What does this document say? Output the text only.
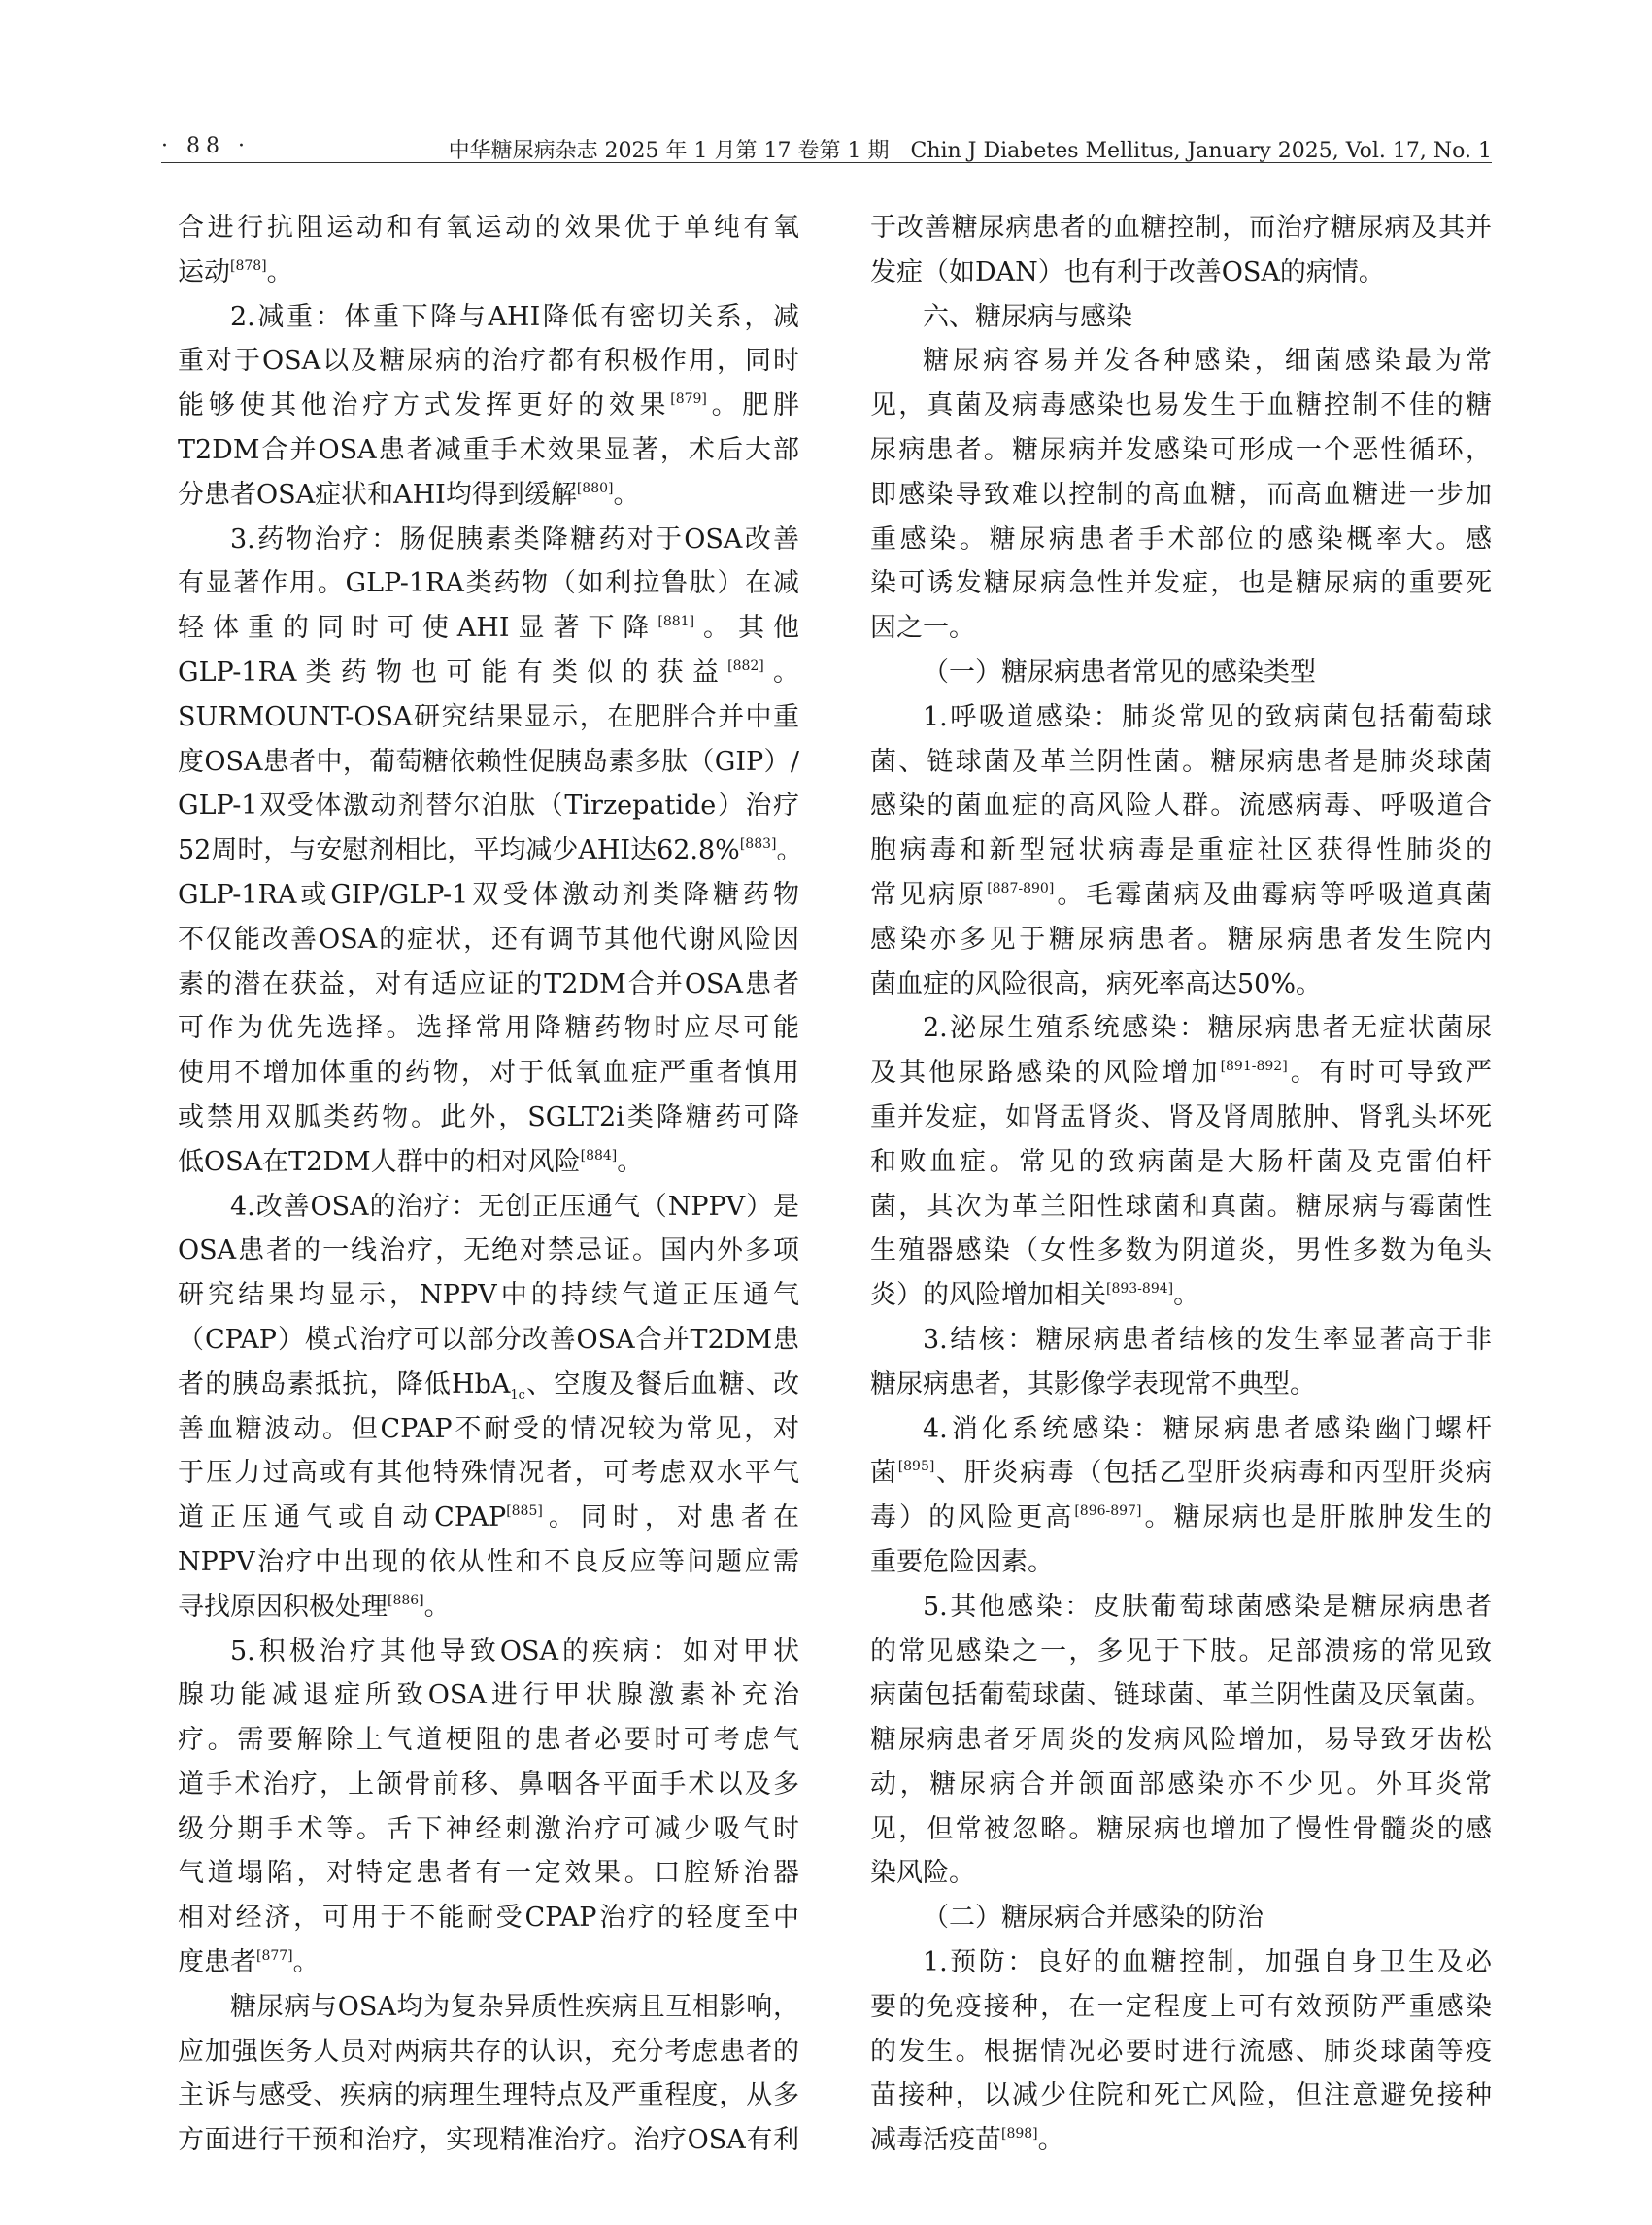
· 88 ·	中华糖尿病杂志 2025 年 1 月第 17 卷第 1 期　Chin J Diabetes Mellitus, January 2025, Vol. 17, No. 1
合进行抗阻运动和有氧运动的效果优于单纯有氧
运动[878]。
2.减重：体重下降与AHI降低有密切关系，减
重对于OSA以及糖尿病的治疗都有积极作用，同时
能够使其他治疗方式发挥更好的效果[879]。肥胖
T2DM合并OSA患者减重手术效果显著，术后大部
分患者OSA症状和AHI均得到缓解[880]。
3.药物治疗：肠促胰素类降糖药对于OSA改善
有显著作用。GLP-1RA类药物（如利拉鲁肽）在减
轻体重的同时可使AHI显著下降[881]。其他
GLP-1RA类药物也可能有类似的获益[882]。
SURMOUNT-OSA研究结果显示，在肥胖合并中重
度OSA患者中，葡萄糖依赖性促胰岛素多肽（GIP）/
GLP-1双受体激动剂替尔泊肽（Tirzepatide）治疗
52周时，与安慰剂相比，平均减少AHI达62.8%[883]。
GLP-1RA或GIP/GLP-1双受体激动剂类降糖药物
不仅能改善OSA的症状，还有调节其他代谢风险因
素的潜在获益，对有适应证的T2DM合并OSA患者
可作为优先选择。选择常用降糖药物时应尽可能
使用不增加体重的药物，对于低氧血症严重者慎用
或禁用双胍类药物。此外，SGLT2i类降糖药可降
低OSA在T2DM人群中的相对风险[884]。
4.改善OSA的治疗：无创正压通气（NPPV）是
OSA患者的一线治疗，无绝对禁忌证。国内外多项
研究结果均显示，NPPV中的持续气道正压通气
（CPAP）模式治疗可以部分改善OSA合并T2DM患
者的胰岛素抵抗，降低HbA$_{1c}$、空腹及餐后血糖、改
善血糖波动。但CPAP不耐受的情况较为常见，对
于压力过高或有其他特殊情况者，可考虑双水平气
道正压通气或自动CPAP[885]。同时，对患者在
NPPV治疗中出现的依从性和不良反应等问题应需
寻找原因积极处理[886]。
5.积极治疗其他导致OSA的疾病：如对甲状
腺功能减退症所致OSA进行甲状腺激素补充治
疗。需要解除上气道梗阻的患者必要时可考虑气
道手术治疗，上颌骨前移、鼻咽各平面手术以及多
级分期手术等。舌下神经刺激治疗可减少吸气时
气道塌陷，对特定患者有一定效果。口腔矫治器
相对经济，可用于不能耐受CPAP治疗的轻度至中
度患者[877]。
糖尿病与OSA均为复杂异质性疾病且互相影响，
应加强医务人员对两病共存的认识，充分考虑患者的
主诉与感受、疾病的病理生理特点及严重程度，从多
方面进行干预和治疗，实现精准治疗。治疗OSA有利
于改善糖尿病患者的血糖控制，而治疗糖尿病及其并
发症（如DAN）也有利于改善OSA的病情。
六、糖尿病与感染
糖尿病容易并发各种感染，细菌感染最为常
见，真菌及病毒感染也易发生于血糖控制不佳的糖
尿病患者。糖尿病并发感染可形成一个恶性循环，
即感染导致难以控制的高血糖，而高血糖进一步加
重感染。糖尿病患者手术部位的感染概率大。感
染可诱发糖尿病急性并发症，也是糖尿病的重要死
因之一。
（一）糖尿病患者常见的感染类型
1.呼吸道感染：肺炎常见的致病菌包括葡萄球
菌、链球菌及革兰阴性菌。糖尿病患者是肺炎球菌
感染的菌血症的高风险人群。流感病毒、呼吸道合
胞病毒和新型冠状病毒是重症社区获得性肺炎的
常见病原[887-890]。毛霉菌病及曲霉病等呼吸道真菌
感染亦多见于糖尿病患者。糖尿病患者发生院内
菌血症的风险很高，病死率高达50%。
2.泌尿生殖系统感染：糖尿病患者无症状菌尿
及其他尿路感染的风险增加[891-892]。有时可导致严
重并发症，如肾盂肾炎、肾及肾周脓肿、肾乳头坏死
和败血症。常见的致病菌是大肠杆菌及克雷伯杆
菌，其次为革兰阳性球菌和真菌。糖尿病与霉菌性
生殖器感染（女性多数为阴道炎，男性多数为龟头
炎）的风险增加相关[893-894]。
3.结核：糖尿病患者结核的发生率显著高于非
糖尿病患者，其影像学表现常不典型。
4.消化系统感染：糖尿病患者感染幽门螺杆
菌[895]、肝炎病毒（包括乙型肝炎病毒和丙型肝炎病
毒）的风险更高[896-897]。糖尿病也是肝脓肿发生的
重要危险因素。
5.其他感染：皮肤葡萄球菌感染是糖尿病患者
的常见感染之一，多见于下肢。足部溃疡的常见致
病菌包括葡萄球菌、链球菌、革兰阴性菌及厌氧菌。
糖尿病患者牙周炎的发病风险增加，易导致牙齿松
动，糖尿病合并颌面部感染亦不少见。外耳炎常
见，但常被忽略。糖尿病也增加了慢性骨髓炎的感
染风险。
（二）糖尿病合并感染的防治
1.预防：良好的血糖控制，加强自身卫生及必
要的免疫接种，在一定程度上可有效预防严重感染
的发生。根据情况必要时进行流感、肺炎球菌等疫
苗接种，以减少住院和死亡风险，但注意避免接种
减毒活疫苗[898]。
